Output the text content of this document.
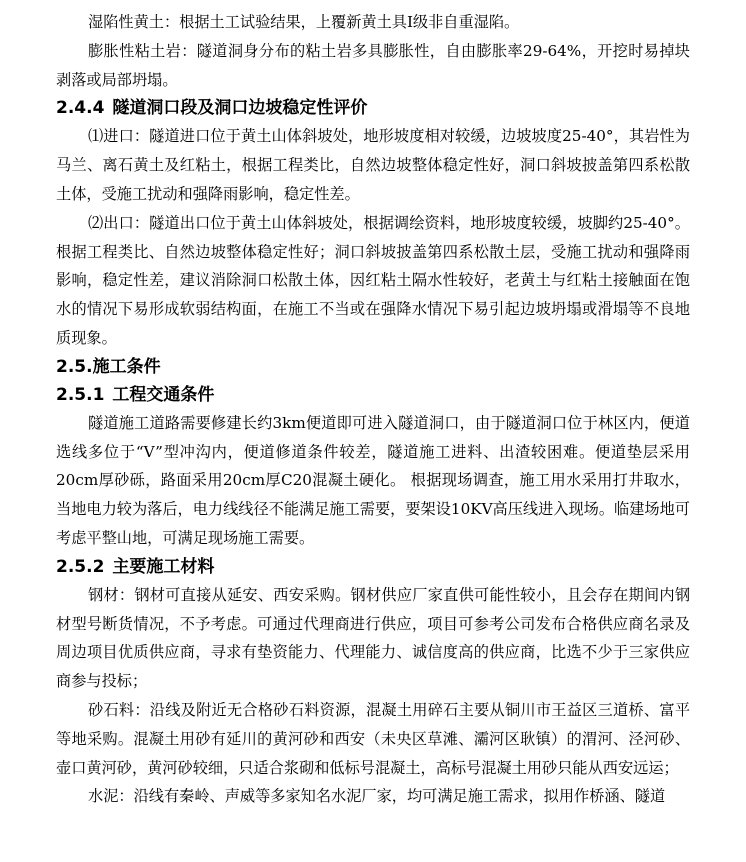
湿陷性黄土：根据土工试验结果，上覆新黄土具Ⅰ级非自重湿陷。

膨胀性粘土岩：隧道洞身分布的粘土岩多具膨胀性，自由膨胀率29-64%，开挖时易掉块剥落或局部坍塌。

2.4.4 隧道洞口段及洞口边坡稳定性评价

⑴进口：隧道进口位于黄土山体斜坡处，地形坡度相对较缓，边坡坡度25-40°，其岩性为马兰、离石黄土及红粘土，根据工程类比，自然边坡整体稳定性好，洞口斜坡披盖第四系松散土体，受施工扰动和强降雨影响，稳定性差。

⑵出口：隧道出口位于黄土山体斜坡处，根据调绘资料，地形坡度较缓，坡脚约25-40°。根据工程类比、自然边坡整体稳定性好；洞口斜坡披盖第四系松散土层，受施工扰动和强降雨影响，稳定性差，建议消除洞口松散土体，因红粘土隔水性较好，老黄土与红粘土接触面在饱水的情况下易形成软弱结构面，在施工不当或在强降水情况下易引起边坡坍塌或滑塌等不良地质现象。

2.5.施工条件
2.5.1 工程交通条件

隧道施工道路需要修建长约3km便道即可进入隧道洞口，由于隧道洞口位于林区内，便道选线多位于“V”型冲沟内，便道修道条件较差，隧道施工进料、出渣较困难。便道垫层采用20cm厚砂砾，路面采用20cm厚C20混凝土硬化。 根据现场调查，施工用水采用打井取水，当地电力较为落后，电力线线径不能满足施工需要，要架设10KV高压线进入现场。临建场地可考虑平整山地，可满足现场施工需要。

2.5.2 主要施工材料

钢材：钢材可直接从延安、西安采购。钢材供应厂家直供可能性较小，且会存在期间内钢材型号断货情况，不予考虑。可通过代理商进行供应，项目可参考公司发布合格供应商名录及周边项目优质供应商，寻求有垫资能力、代理能力、诚信度高的供应商，比选不少于三家供应商参与投标；

砂石料：沿线及附近无合格砂石料资源，混凝土用碎石主要从铜川市王益区三道桥、富平等地采购。混凝土用砂有延川的黄河砂和西安（未央区草滩、灞河区耿镇）的渭河、泾河砂、壶口黄河砂，黄河砂较细，只适合浆砌和低标号混凝土，高标号混凝土用砂只能从西安远运；

水泥：沿线有秦岭、声威等多家知名水泥厂家，均可满足施工需求，拟用作桥涵、隧道
